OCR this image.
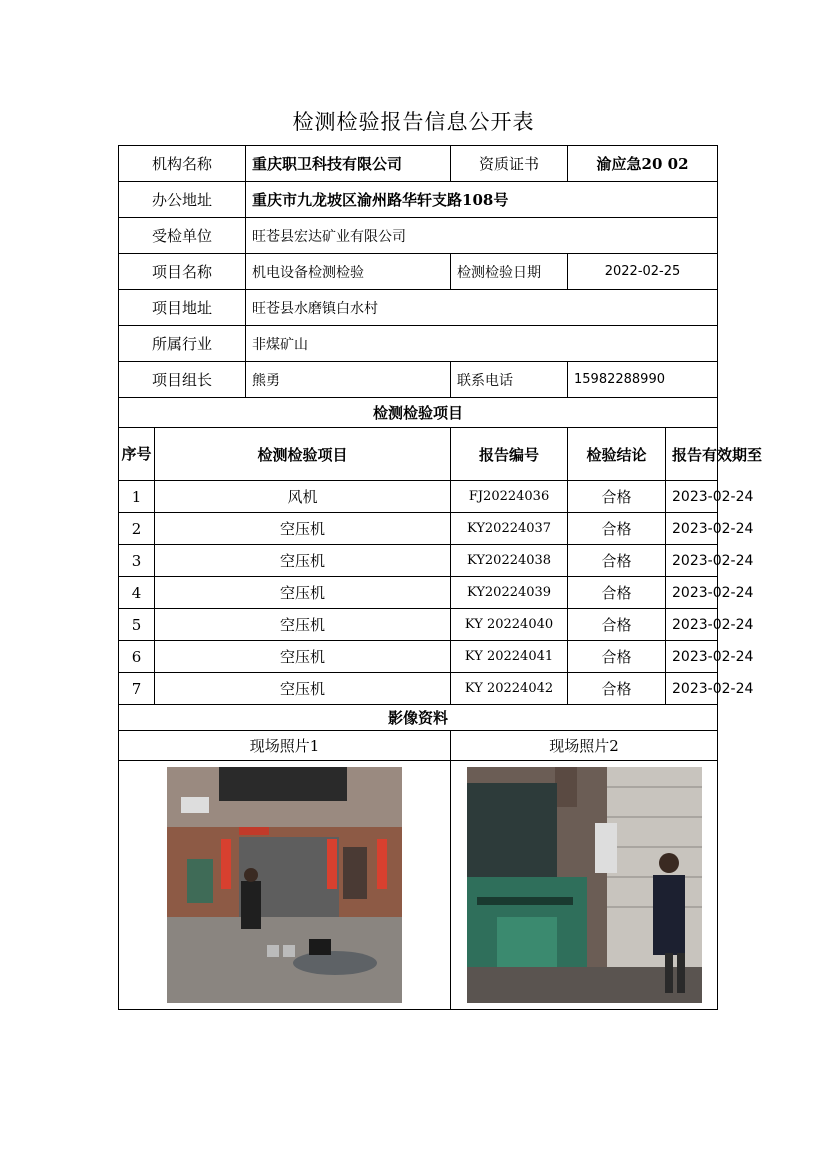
检测检验报告信息公开表
机构名称		重庆职卫科技有限公司	资质证书	渝应急20 02	
办公地址		重庆市九龙坡区渝州路华轩支路108号			
受检单位		旺苍县宏达矿业有限公司			
项目名称		机电设备检测检验	检测检验日期	2022-02-25	
项目地址		旺苍县水磨镇白水村			
所属行业		非煤矿山			
项目组长		熊勇	联系电话	15982288990	
检测检验项目					
序号	检测检验项目		报告编号	检验结论	报告有效期至
1	风机		FJ20224036	合格	2023-02-24
2	空压机		KY20224037	合格	2023-02-24
3	空压机		KY20224038	合格	2023-02-24
4	空压机		KY20224039	合格	2023-02-24
5	空压机		KY 20224040	合格	2023-02-24
6	空压机		KY 20224041	合格	2023-02-24
7	空压机		KY 20224042	合格	2023-02-24
影像资料					
现场照片1			现场照片2		
